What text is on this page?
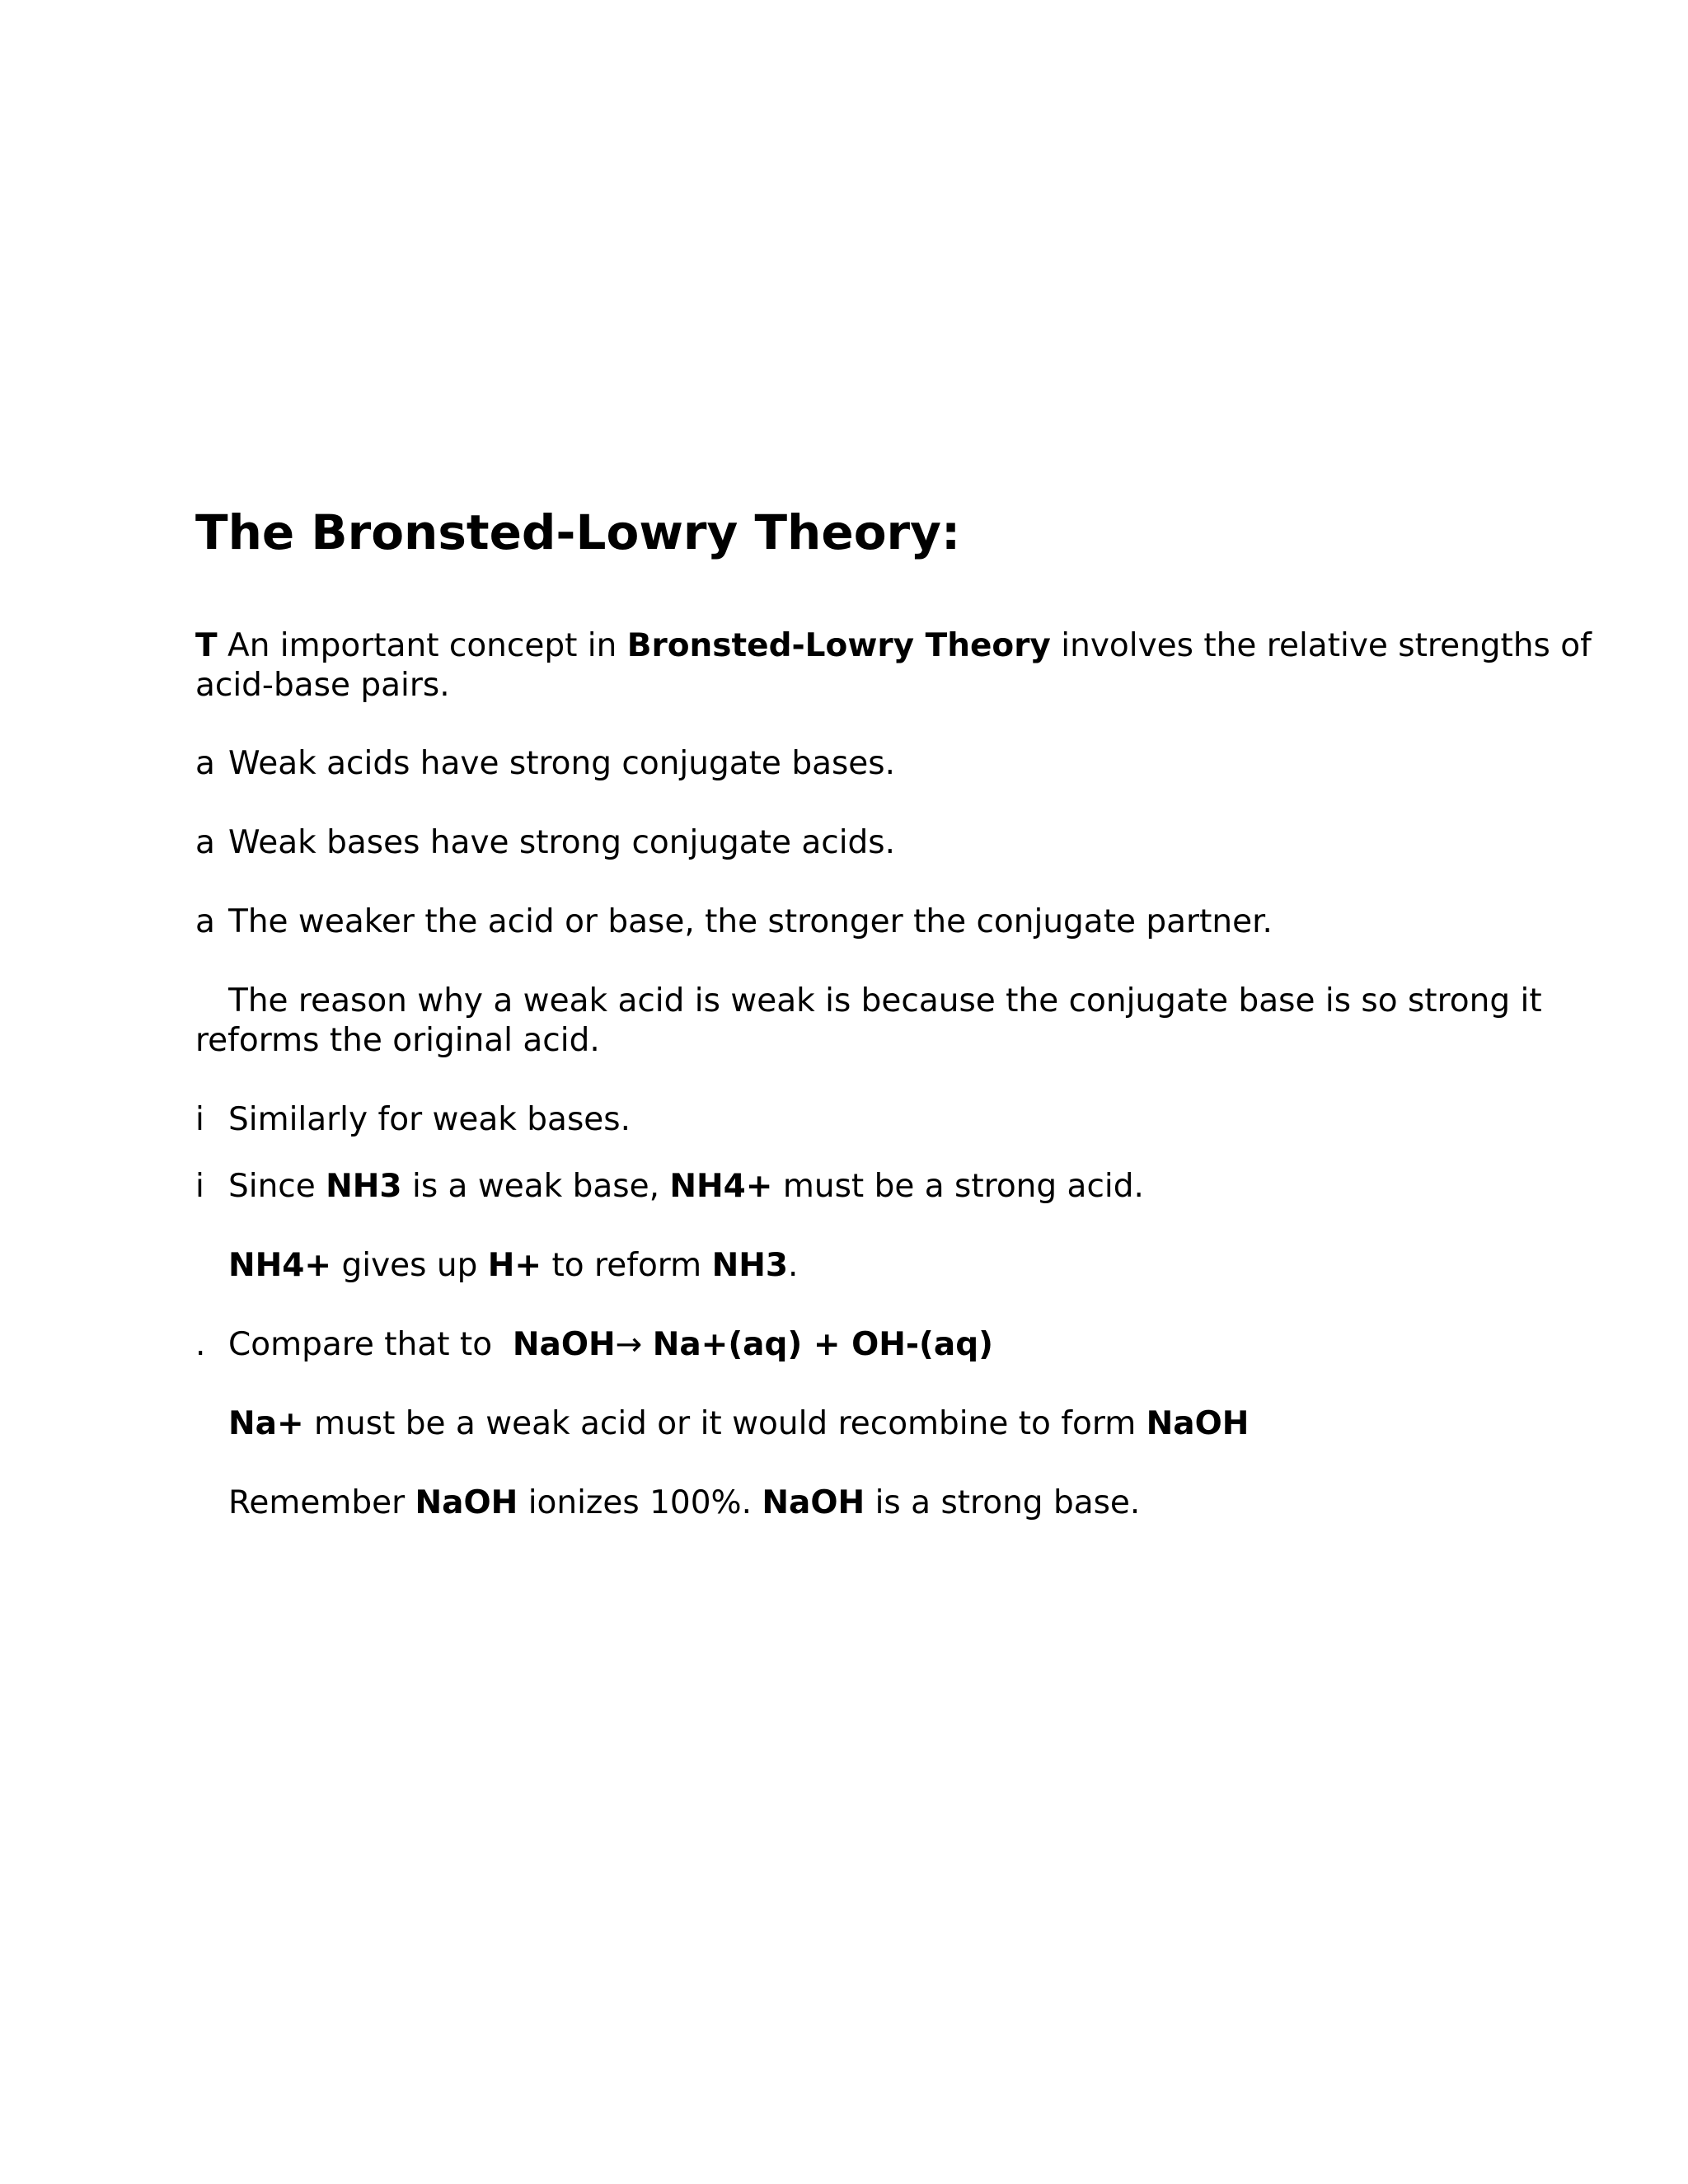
The Bronsted-Lowry Theory:
T An important concept in Bronsted-Lowry Theory involves the relative strengths of
acid-base pairs.
a Weak acids have strong conjugate bases.
a Weak bases have strong conjugate acids.
a The weaker the acid or base, the stronger the conjugate partner.
The reason why a weak acid is weak is because the conjugate base is so strong it
reforms the original acid.
i Similarly for weak bases.
i Since NH3 is a weak base, NH4+ must be a strong acid.
NH4+ gives up H+ to reform NH3.
. Compare that to NaOH→ Na+(aq) + OH-(aq)
Na+ must be a weak acid or it would recombine to form NaOH
Remember NaOH ionizes 100%. NaOH is a strong base.
